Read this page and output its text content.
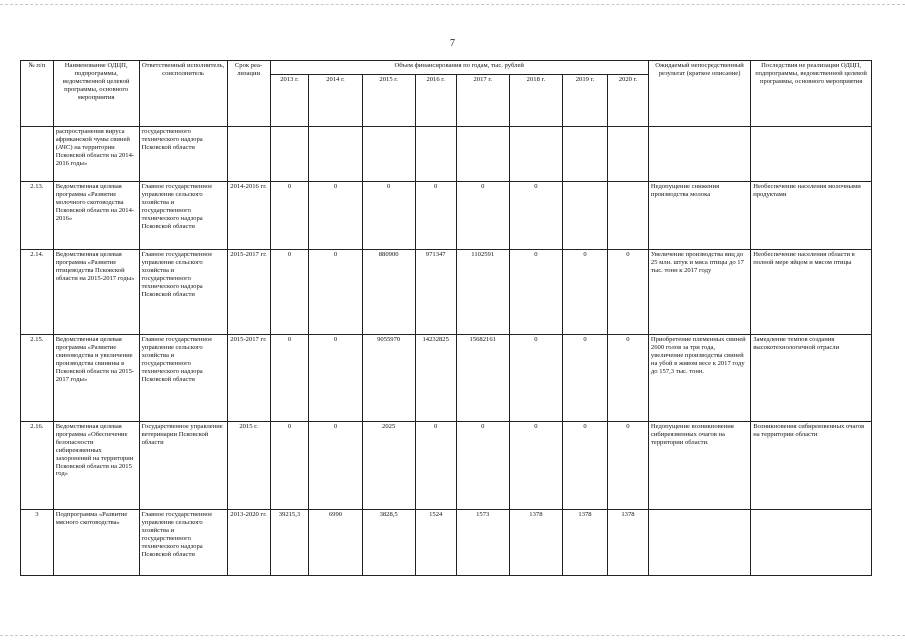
7
№ п/п	Наименование ОДЦП, подпрограммы, ведомственной целевой программы, основного мероприятия	Ответственный исполнитель, соисполнитель	Срок реа-лизации	Объем финансирования по годам, тыс. рублей								Ожидаемый непосредственный результат (краткое описание)	Последствия не реализации ОДЦП, подпрограммы, ведомственной целевой программы, основного мероприятия
				2013 г.	2014 г.	2015 г.	2016 г.	2017 г.	2018 г.	2019 г.	2020 г.		
	распространения вируса африканской чумы свиней (АЧС) на территории Псковской области на 2014-2016 годы»	государственного технического надзора Псковской области											
2.13.	Ведомственная целевая программа «Развитие молочного скотоводства Псковской области на 2014-2016»	Главное государственное управление сельского хозяйства и государственного технического надзора Псковской области	2014-2016 гг.	0	0	0	0	0	0			Недопущение снижения производства молока	Необеспечение населения молочными продуктами
2.14.	Ведомственная целевая программа «Развитие птицеводства Псковской области на 2015-2017 годы»	Главное государственное управление сельского хозяйства и государственного технического надзора Псковской области	2015-2017 гг.	0	0	880900	971347	1102591	0	0	0	Увеличение производства яиц до 25 млн. штук и мяса птицы до 17 тыс. тонн к 2017 году	Необеспечение населения области в полной мере яйцом и мясом птицы
2.15.	Ведомственная целевая программа «Развитие свиноводства и увеличение производства свинины в Псковской области на 2015-2017 годы»	Главное государственное управление сельского хозяйства и государственного технического надзора Псковской области	2015-2017 гг.	0	0	9055970	14232825	15682161	0	0	0	Приобретение племенных свиней 2600 голов за три года, увеличение производства свиней на убой в живом весе к 2017 году до 157,3 тыс. тонн.	Замедление темпов создания высокотехнологичной отрасли
2.16.	Ведомственная целевая программа «Обеспечение безопасности сибиреязвенных захоронений на территории Псковской области на 2015 год»	Государственное управление ветеринарии Псковской области	2015 г.	0	0	2025	0	0	0	0	0	Недопущение возникновения сибиреязвенных очагов на территории области.	Возникновения сибиреязвенных очагов на территории области
3	Подпрограмма «Развитие мясного скотоводства»	Главное государственное управление сельского хозяйства и государственного технического надзора Псковской области	2013-2020 гг.	39215,3	6990	3828,5	1524	1573	1378	1378	1378		
